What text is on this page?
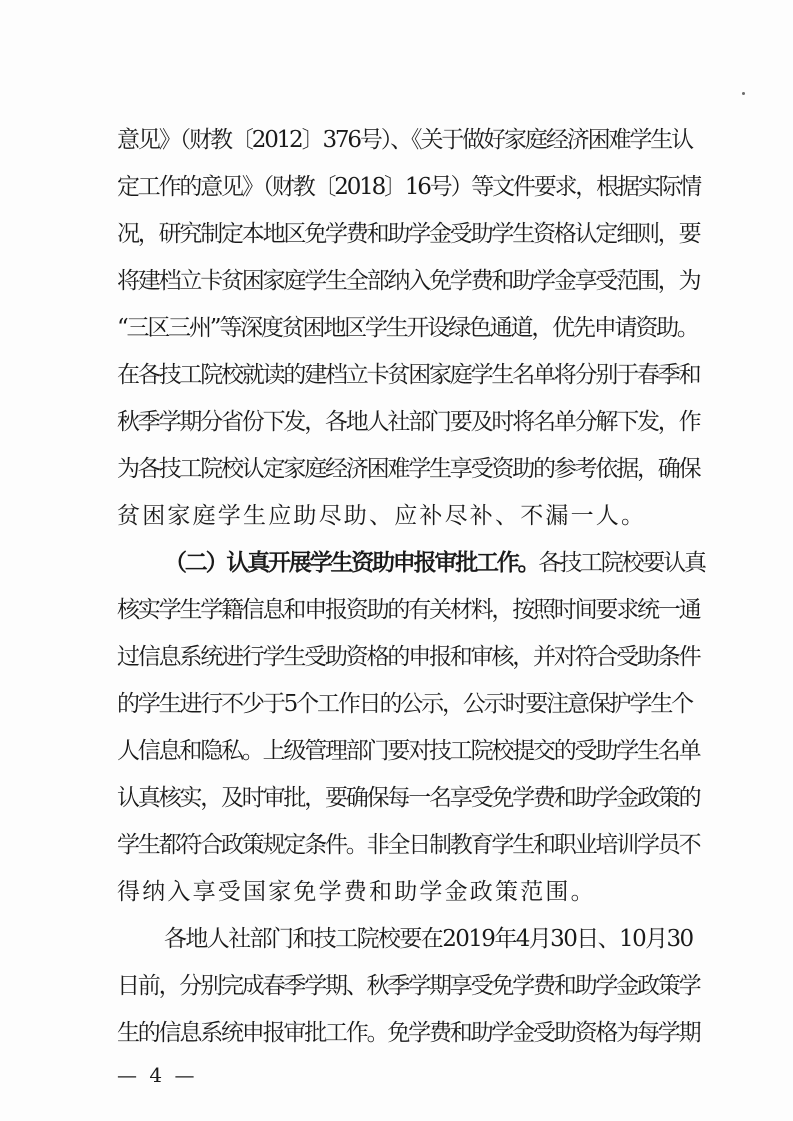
意见》（财教〔2012〕376号）、《关于做好家庭经济困难学生认
定工作的意见》（财教〔2018〕16号）等文件要求，根据实际情
况，研究制定本地区免学费和助学金受助学生资格认定细则，要
将建档立卡贫困家庭学生全部纳入免学费和助学金享受范围，为
“三区三州”等深度贫困地区学生开设绿色通道，优先申请资助。
在各技工院校就读的建档立卡贫困家庭学生名单将分别于春季和
秋季学期分省份下发，各地人社部门要及时将名单分解下发，作
为各技工院校认定家庭经济困难学生享受资助的参考依据，确保
贫困家庭学生应助尽助、应补尽补、不漏一人。
（二）认真开展学生资助申报审批工作。各技工院校要认真
核实学生学籍信息和申报资助的有关材料，按照时间要求统一通
过信息系统进行学生受助资格的申报和审核，并对符合受助条件
的学生进行不少于5个工作日的公示，公示时要注意保护学生个
人信息和隐私。上级管理部门要对技工院校提交的受助学生名单
认真核实，及时审批，要确保每一名享受免学费和助学金政策的
学生都符合政策规定条件。非全日制教育学生和职业培训学员不
得纳入享受国家免学费和助学金政策范围。
各地人社部门和技工院校要在2019年4月30日、10月30
日前，分别完成春季学期、秋季学期享受免学费和助学金政策学
生的信息系统申报审批工作。免学费和助学金受助资格为每学期
— 4 —
